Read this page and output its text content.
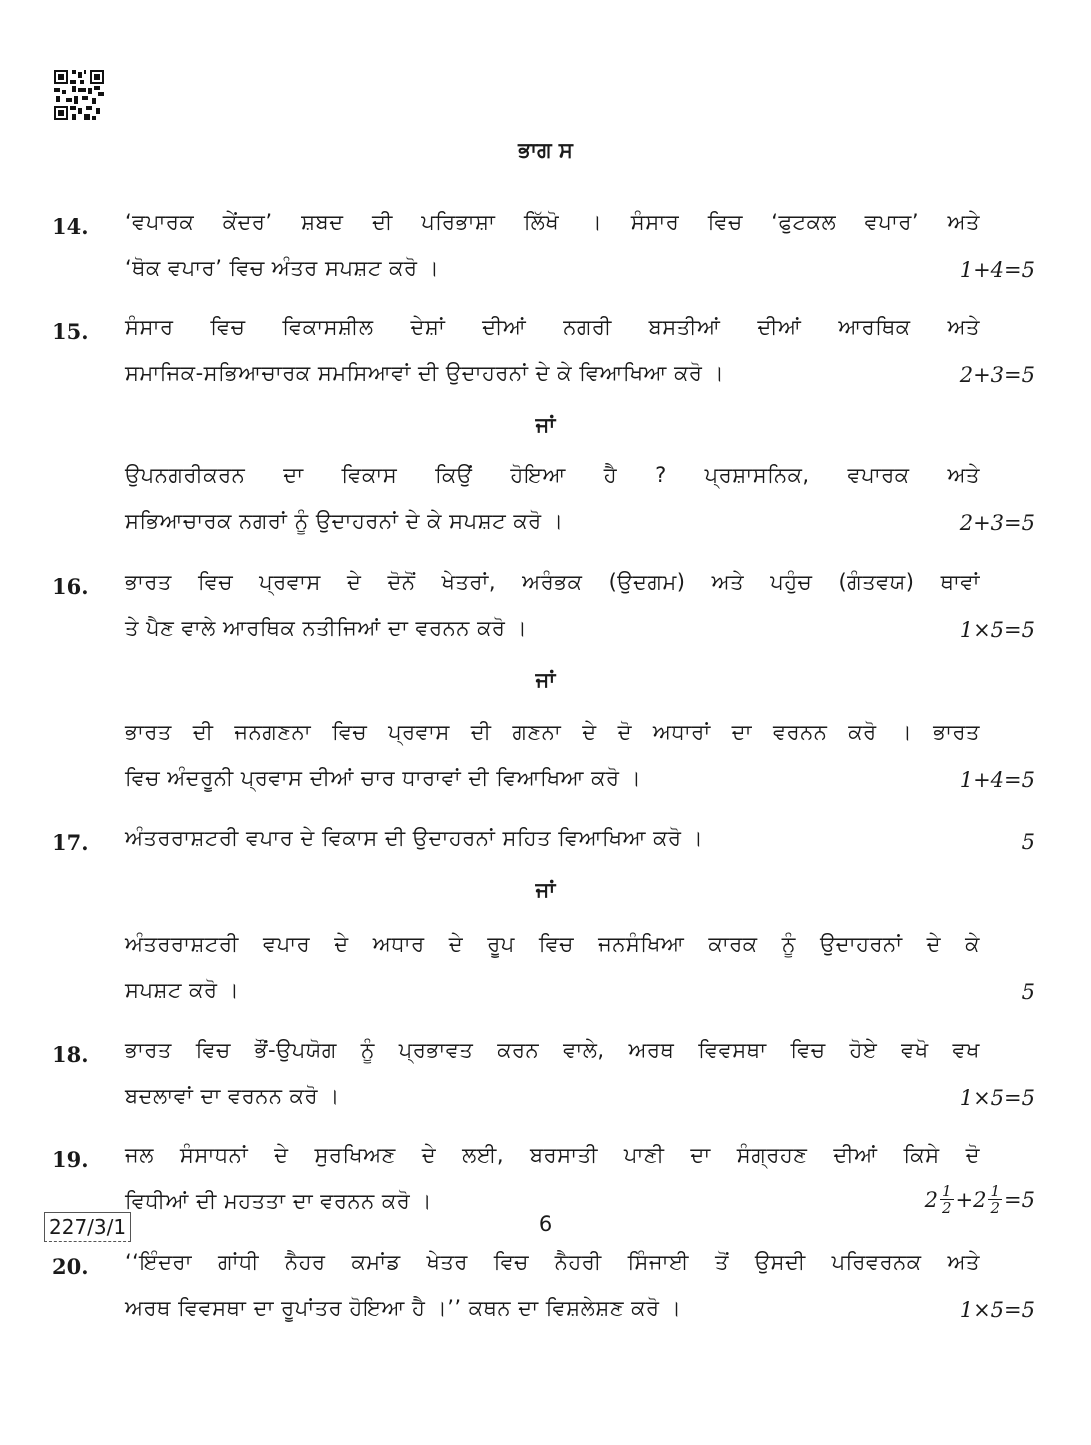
ਭਾਗ ਸ
14. ‘ਵਪਾਰਕ ਕੇਂਦਰ’ ਸ਼ਬਦ ਦੀ ਪਰਿਭਾਸ਼ਾ ਲਿੱਖੋ । ਸੰਸਾਰ ਵਿਚ ‘ਫੁਟਕਲ ਵਪਾਰ’ ਅਤੇ
‘ਥੋਕ ਵਪਾਰ’ ਵਿਚ ਅੰਤਰ ਸਪਸ਼ਟ ਕਰੋ ।	1+4=5
15. ਸੰਸਾਰ ਵਿਚ ਵਿਕਾਸਸ਼ੀਲ ਦੇਸ਼ਾਂ ਦੀਆਂ ਨਗਰੀ ਬਸਤੀਆਂ ਦੀਆਂ ਆਰਥਿਕ ਅਤੇ
ਸਮਾਜਿਕ-ਸਭਿਆਚਾਰਕ ਸਮਸਿਆਵਾਂ ਦੀ ਉਦਾਹਰਨਾਂ ਦੇ ਕੇ ਵਿਆਖਿਆ ਕਰੋ ।	2+3=5
ਜਾਂ
ਉਪਨਗਰੀਕਰਨ ਦਾ ਵਿਕਾਸ ਕਿਉਂ ਹੋਇਆ ਹੈ ? ਪ੍ਰਸ਼ਾਸਨਿਕ, ਵਪਾਰਕ ਅਤੇ
ਸਭਿਆਚਾਰਕ ਨਗਰਾਂ ਨੂੰ ਉਦਾਹਰਨਾਂ ਦੇ ਕੇ ਸਪਸ਼ਟ ਕਰੋ ।	2+3=5
16. ਭਾਰਤ ਵਿਚ ਪ੍ਰਵਾਸ ਦੇ ਦੋਨੋਂ ਖੇਤਰਾਂ, ਅਰੰਭਕ (ਉਦਗਮ) ਅਤੇ ਪਹੁੰਚ (ਗੰਤਵਯ) ਥਾਵਾਂ
ਤੇ ਪੈਣ ਵਾਲੇ ਆਰਥਿਕ ਨਤੀਜਿਆਂ ਦਾ ਵਰਨਨ ਕਰੋ ।	1×5=5
ਜਾਂ
ਭਾਰਤ ਦੀ ਜਨਗਣਨਾ ਵਿਚ ਪ੍ਰਵਾਸ ਦੀ ਗਣਨਾ ਦੇ ਦੋ ਅਧਾਰਾਂ ਦਾ ਵਰਨਨ ਕਰੋ । ਭਾਰਤ
ਵਿਚ ਅੰਦਰੂਨੀ ਪ੍ਰਵਾਸ ਦੀਆਂ ਚਾਰ ਧਾਰਾਵਾਂ ਦੀ ਵਿਆਖਿਆ ਕਰੋ ।	1+4=5
17. ਅੰਤਰਰਾਸ਼ਟਰੀ ਵਪਾਰ ਦੇ ਵਿਕਾਸ ਦੀ ਉਦਾਹਰਨਾਂ ਸਹਿਤ ਵਿਆਖਿਆ ਕਰੋ ।	5
ਜਾਂ
ਅੰਤਰਰਾਸ਼ਟਰੀ ਵਪਾਰ ਦੇ ਅਧਾਰ ਦੇ ਰੂਪ ਵਿਚ ਜਨਸੰਖਿਆ ਕਾਰਕ ਨੂੰ ਉਦਾਹਰਨਾਂ ਦੇ ਕੇ
ਸਪਸ਼ਟ ਕਰੋ ।	5
18. ਭਾਰਤ ਵਿਚ ਭੌਂ-ਉਪਯੋਗ ਨੂੰ ਪ੍ਰਭਾਵਤ ਕਰਨ ਵਾਲੇ, ਅਰਥ ਵਿਵਸਥਾ ਵਿਚ ਹੋਏ ਵਖੋ ਵਖ
ਬਦਲਾਵਾਂ ਦਾ ਵਰਨਨ ਕਰੋ ।	1×5=5
19. ਜਲ ਸੰਸਾਧਨਾਂ ਦੇ ਸੁਰਖਿਅਣ ਦੇ ਲਈ, ਬਰਸਾਤੀ ਪਾਣੀ ਦਾ ਸੰਗ੍ਰਹਣ ਦੀਆਂ ਕਿਸੇ ਦੋ
ਵਿਧੀਆਂ ਦੀ ਮਹਤਤਾ ਦਾ ਵਰਨਨ ਕਰੋ ।	$2 \frac{1}{2} + 2 \frac{1}{2} =5$
20. ‘‘ਇੰਦਰਾ ਗਾਂਧੀ ਨੈਹਰ ਕਮਾਂਡ ਖੇਤਰ ਵਿਚ ਨੈਹਰੀ ਸਿੰਜਾਈ ਤੋਂ ਉਸਦੀ ਪਰਿਵਰਨਕ ਅਤੇ
ਅਰਥ ਵਿਵਸਥਾ ਦਾ ਰੂਪਾਂਤਰ ਹੋਇਆ ਹੈ ।’’ ਕਥਨ ਦਾ ਵਿਸ਼ਲੇਸ਼ਣ ਕਰੋ ।	1×5=5
227/3/1	6
